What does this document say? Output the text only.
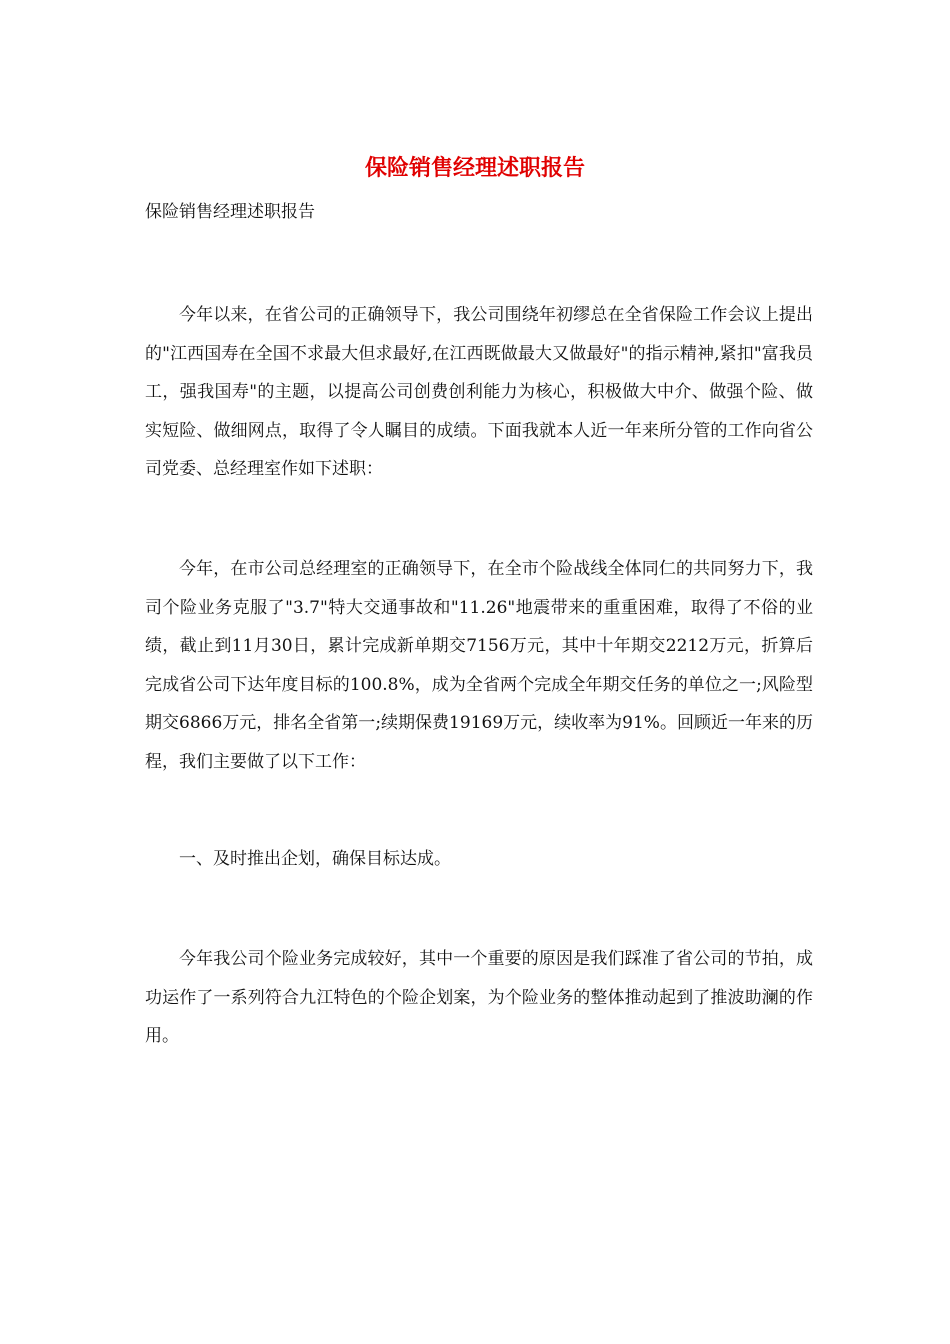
保险销售经理述职报告

保险销售经理述职报告

今年以来，在省公司的正确领导下，我公司围绕年初缪总在全省保险工作会议上提出的"江西国寿在全国不求最大但求最好,在江西既做最大又做最好"的指示精神,紧扣"富我员工，强我国寿"的主题，以提高公司创费创利能力为核心，积极做大中介、做强个险、做实短险、做细网点，取得了令人瞩目的成绩。下面我就本人近一年来所分管的工作向省公司党委、总经理室作如下述职：

今年，在市公司总经理室的正确领导下，在全市个险战线全体同仁的共同努力下，我司个险业务克服了"3.7"特大交通事故和"11.26"地震带来的重重困难，取得了不俗的业绩，截止到11月30日，累计完成新单期交7156万元，其中十年期交2212万元，折算后完成省公司下达年度目标的100.8%，成为全省两个完成全年期交任务的单位之一;风险型期交6866万元，排名全省第一;续期保费19169万元，续收率为91%。回顾近一年来的历程，我们主要做了以下工作：

一、及时推出企划，确保目标达成。

今年我公司个险业务完成较好，其中一个重要的原因是我们踩准了省公司的节拍，成功运作了一系列符合九江特色的个险企划案，为个险业务的整体推动起到了推波助澜的作用。
